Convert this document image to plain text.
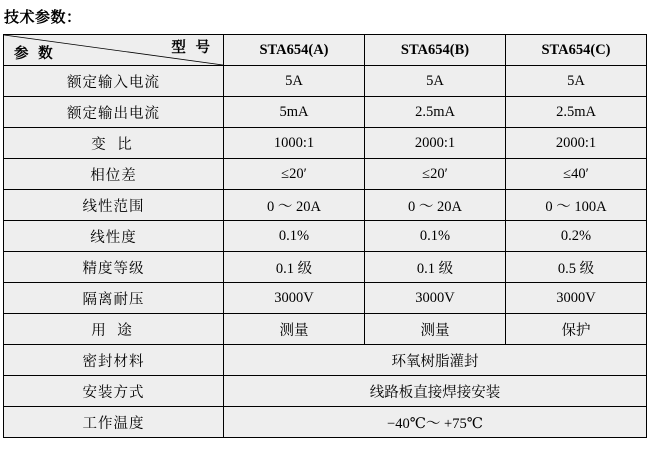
技术参数：
参 数 型 号	STA654(A)	STA654(B)	STA654(C)
额定输入电流	5A	5A	5A
额定输出电流	5mA	2.5mA	2.5mA
变 比	1000:1	2000:1	2000:1
相位差	≤20′	≤20′	≤40′
线性范围	0 ～ 20A	0 ～ 20A	0 ～ 100A
线性度	0.1%	0.1%	0.2%
精度等级	0.1 级	0.1 级	0.5 级
隔离耐压	3000V	3000V	3000V
用 途	测量	测量	保护
密封材料	环氧树脂灌封		
安装方式	线路板直接焊接安装		
工作温度	−40℃～ +75℃		
